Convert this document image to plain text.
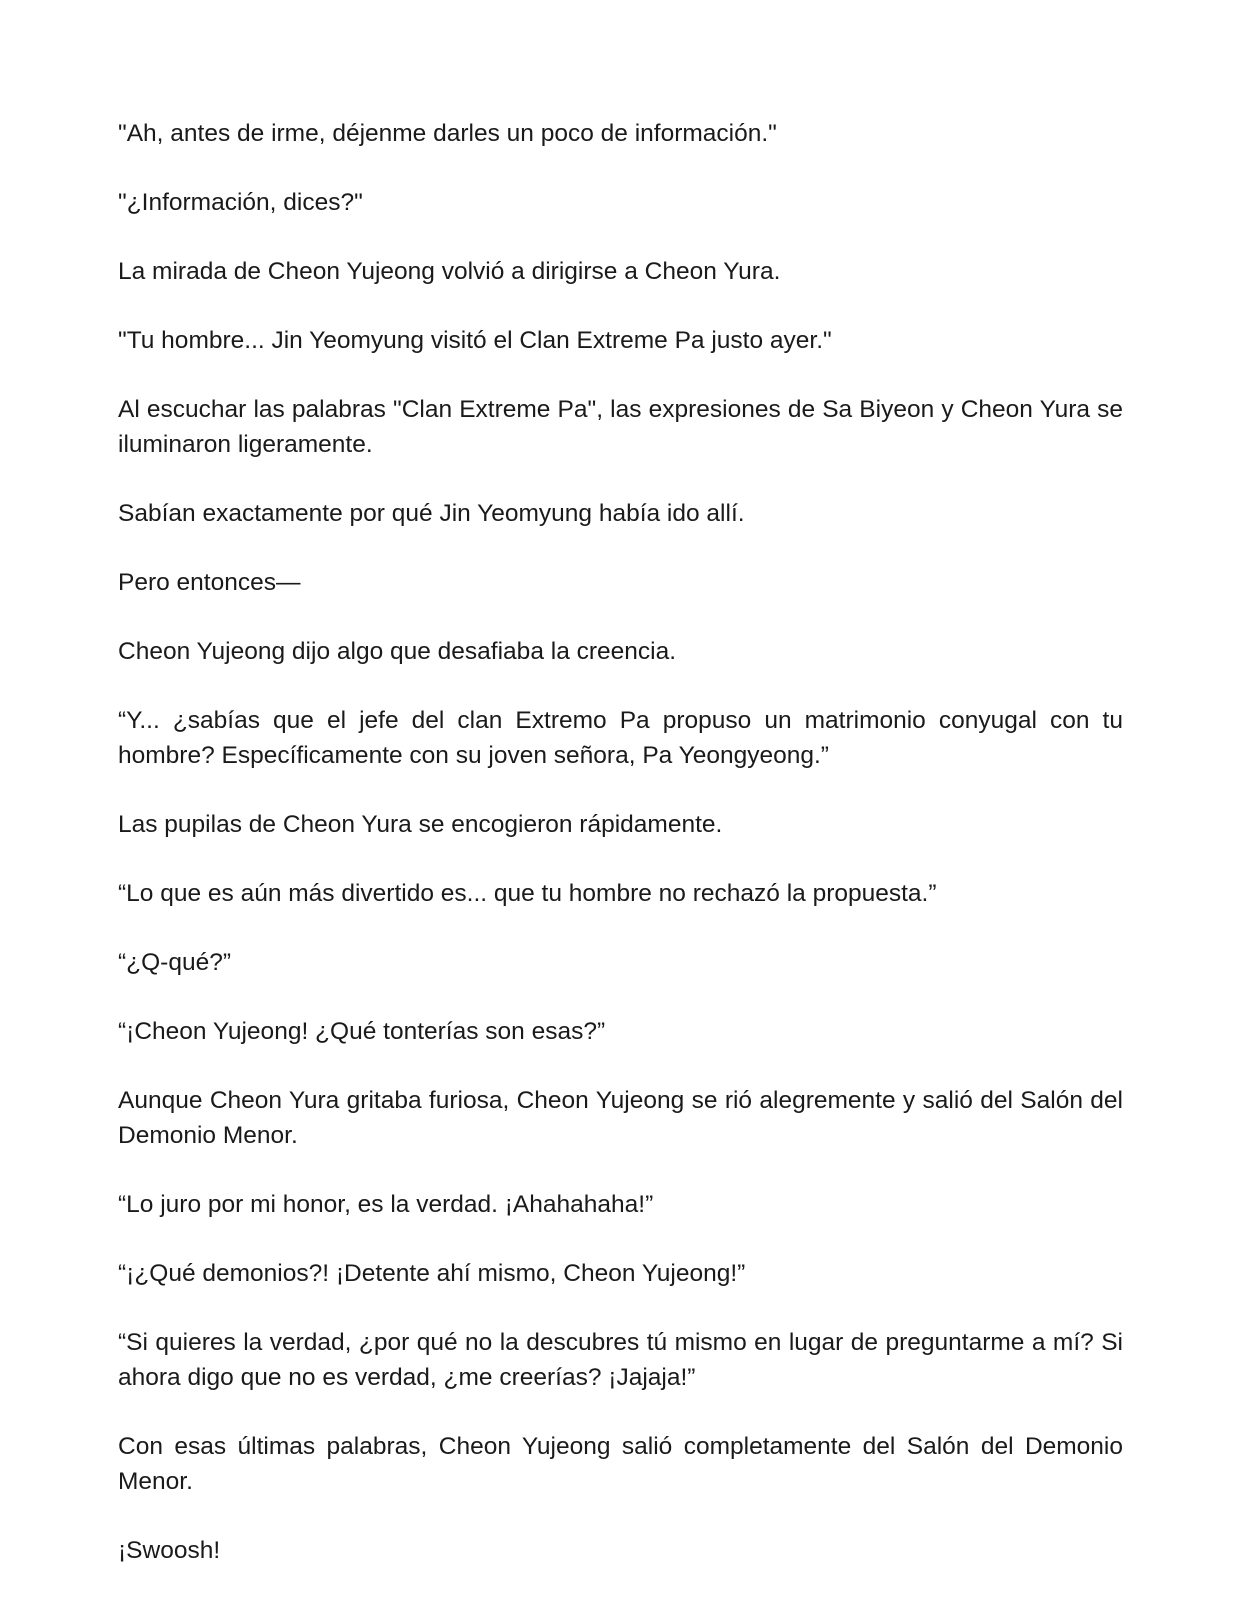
"Ah, antes de irme, déjenme darles un poco de información."

"¿Información, dices?"

La mirada de Cheon Yujeong volvió a dirigirse a Cheon Yura.

"Tu hombre... Jin Yeomyung visitó el Clan Extreme Pa justo ayer."

Al escuchar las palabras "Clan Extreme Pa", las expresiones de Sa Biyeon y Cheon Yura se iluminaron ligeramente.

Sabían exactamente por qué Jin Yeomyung había ido allí.

Pero entonces—

Cheon Yujeong dijo algo que desafiaba la creencia.

“Y... ¿sabías que el jefe del clan Extremo Pa propuso un matrimonio conyugal con tu hombre? Específicamente con su joven señora, Pa Yeongyeong.”

Las pupilas de Cheon Yura se encogieron rápidamente.

“Lo que es aún más divertido es... que tu hombre no rechazó la propuesta.”

“¿Q-qué?”

“¡Cheon Yujeong! ¿Qué tonterías son esas?”

Aunque Cheon Yura gritaba furiosa, Cheon Yujeong se rió alegremente y salió del Salón del Demonio Menor.

“Lo juro por mi honor, es la verdad. ¡Ahahahaha!”

“¡¿Qué demonios?! ¡Detente ahí mismo, Cheon Yujeong!”

“Si quieres la verdad, ¿por qué no la descubres tú mismo en lugar de preguntarme a mí? Si ahora digo que no es verdad, ¿me creerías? ¡Jajaja!”

Con esas últimas palabras, Cheon Yujeong salió completamente del Salón del Demonio Menor.

¡Swoosh!
